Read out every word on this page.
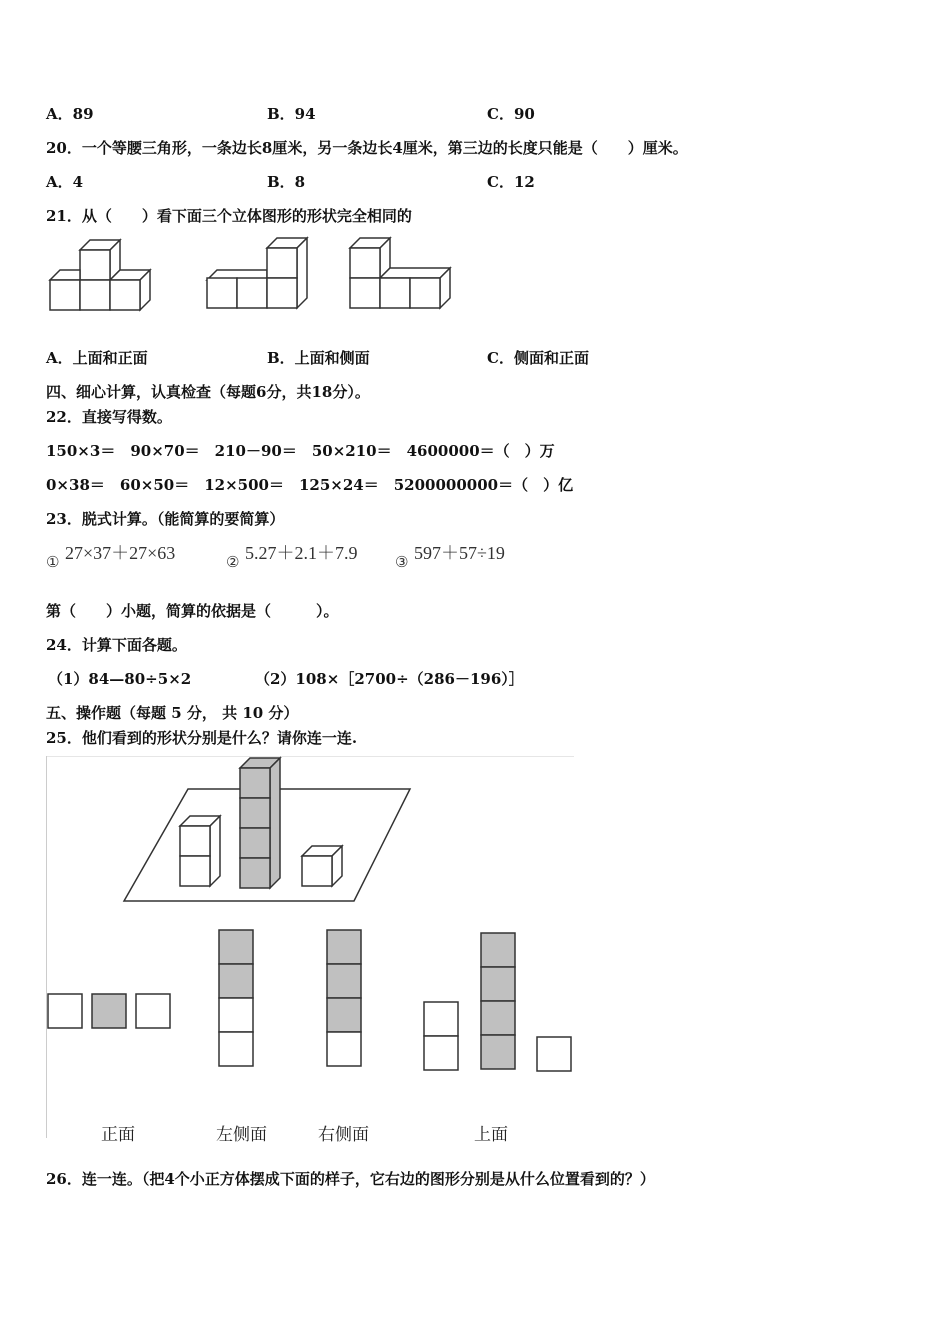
A．89	B．94	C．90
20．一个等腰三角形，一条边长8厘米，另一条边长4厘米，第三边的长度只能是（　　）厘米。
A．4	B．8	C．12
21．从（　　）看下面三个立体图形的形状完全相同的
A．上面和正面	B．上面和侧面	C．侧面和正面
四、细心计算，认真检查（每题6分，共18分）。
22．直接写得数。
150×3＝　90×70＝　210－90＝　50×210＝　4600000＝（　）万
0×38＝　60×50＝　12×500＝　125×24＝　5200000000＝（　）亿
23．脱式计算。（能简算的要简算）
① 27×37＋27×63	② 5.27＋2.1＋7.9	③ 597＋57÷19
第（　　）小题，简算的依据是（　　　）。
24．计算下面各题。
（1）84—80÷5×2	（2）108×［2700÷（286－196）］
五、操作题（每题 5 分， 共 10 分）
25．他们看到的形状分别是什么？请你连一连.
正面	左侧面	右侧面	上面
26．连一连。（把4个小正方体摆成下面的样子，它右边的图形分别是从什么位置看到的？）
